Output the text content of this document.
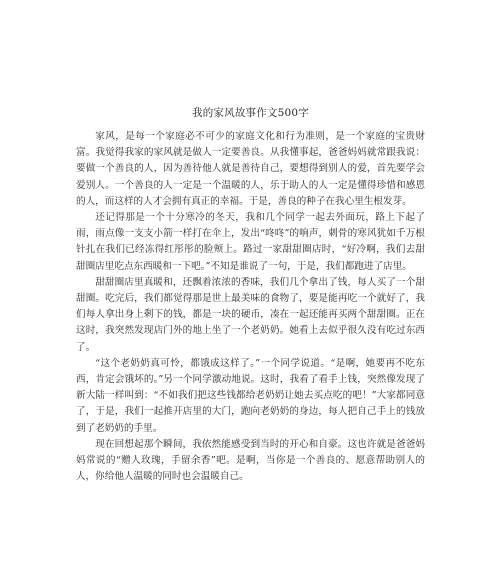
我的家风故事作文500字

家风，是每一个家庭必不可少的家庭文化和行为准则，是一个家庭的宝贵财富。我觉得我家的家风就是做人一定要善良。从我懂事起，爸爸妈妈就常跟我说：要做一个善良的人，因为善待他人就是善待自己，要想得到别人的爱，首先要学会爱别人。一个善良的人一定是一个温暖的人，乐于助人的人一定是懂得珍惜和感恩的人，而这样的人才会拥有真正的幸福。于是，善良的种子在我心里生根发芽。

还记得那是一个十分寒冷的冬天，我和几个同学一起去外面玩，路上下起了雨，雨点像一支支小箭一样打在伞上，发出“咚咚”的响声，刺骨的寒风犹如千万根针扎在我们已经冻得红彤彤的脸颊上。路过一家甜甜圈店时，“好冷啊，我们去甜甜圈店里吃点东西暖和一下吧。”不知是谁说了一句，于是，我们都跑进了店里。

甜甜圈店里真暖和，还飘着浓浓的香味，我们几个拿出了钱，每人买了一个甜甜圈。吃完后，我们都觉得那是世上最美味的食物了，要是能再吃一个就好了，我们每人拿出身上剩下的钱，都是一块的硬币，凑在一起还能再买两个甜甜圈。正在这时，我突然发现店门外的地上坐了一个老奶奶。她看上去似乎很久没有吃过东西了。

“这个老奶奶真可怜，都饿成这样了。”一个同学说道。“是啊，她要再不吃东西，肯定会饿坏的。”另一个同学激动地说。这时，我看了看手上钱，突然像发现了新大陆一样叫到：“不如我们把这些钱都给老奶奶让她去买点吃的吧！”大家都同意了，于是，我们一起推开店里的大门，跑向老奶奶的身边，每人把自己手上的钱放到了老奶奶的手里。

现在回想起那个瞬间，我依然能感受到当时的开心和自豪。这也许就是爸爸妈妈常说的“赠人玫瑰，手留余香”吧。是啊，当你是一个善良的、愿意帮助别人的人，你给他人温暖的同时也会温暖自己。
